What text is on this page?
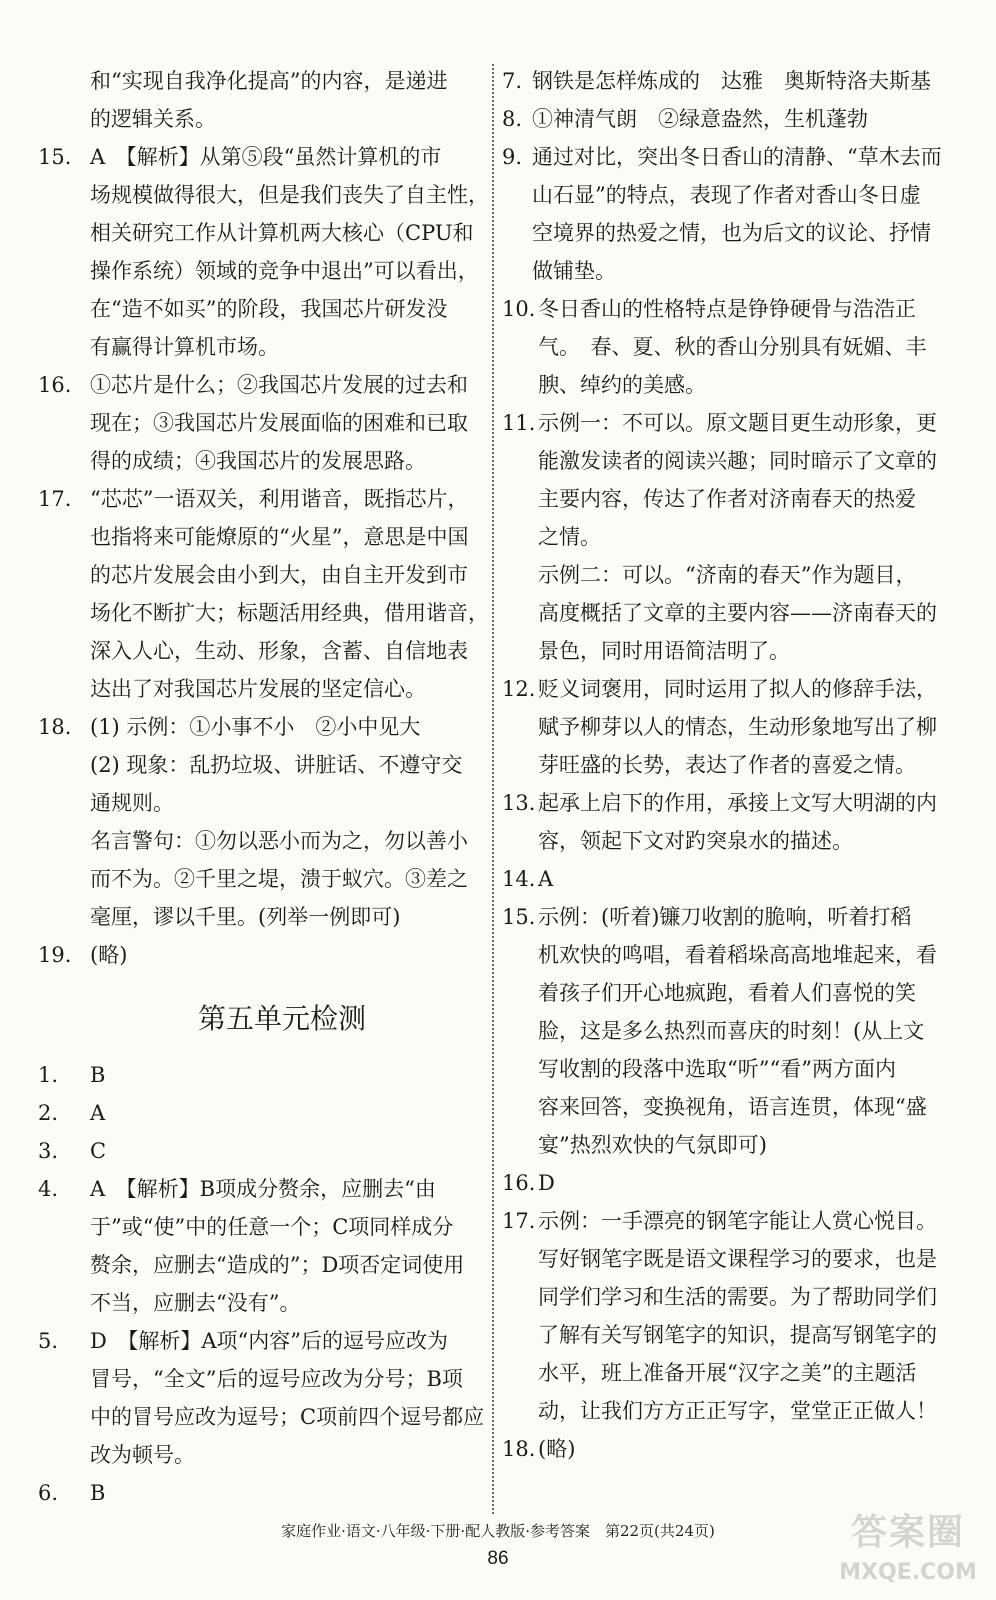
和“实现自我净化提高”的内容，是递进
的逻辑关系。
15. A　【解析】从第⑤段“虽然计算机的市
场规模做得很大，但是我们丧失了自主性，
相关研究工作从计算机两大核心（CPU和
操作系统）领域的竞争中退出”可以看出，
在“造不如买”的阶段，我国芯片研发没
有赢得计算机市场。
16. ①芯片是什么；②我国芯片发展的过去和
现在；③我国芯片发展面临的困难和已取
得的成绩；④我国芯片的发展思路。
17. “芯芯”一语双关，利用谐音，既指芯片，
也指将来可能燎原的“火星”，意思是中国
的芯片发展会由小到大，由自主开发到市
场化不断扩大；标题活用经典，借用谐音，
深入人心，生动、形象，含蓄、自信地表
达出了对我国芯片发展的坚定信心。
18. (1) 示例：①小事不小　②小中见大
(2) 现象：乱扔垃圾、讲脏话、不遵守交
通规则。
名言警句：①勿以恶小而为之，勿以善小
而不为。②千里之堤，溃于蚁穴。③差之
毫厘，谬以千里。(列举一例即可)
19. (略)
第五单元检测
1.	B
2.	A
3.	C
4.	A　【解析】B项成分赘余，应删去“由
于”或“使”中的任意一个；C项同样成分
赘余，应删去“造成的”；D项否定词使用
不当，应删去“没有”。
5.	D　【解析】A项“内容”后的逗号应改为
冒号，“全文”后的逗号应改为分号；B项
中的冒号应改为逗号；C项前四个逗号都应
改为顿号。
6.	B
7. 钢铁是怎样炼成的　达雅　奥斯特洛夫斯基
8. ①神清气朗　②绿意盎然，生机蓬勃
9. 通过对比，突出冬日香山的清静、“草木去而
山石显”的特点，表现了作者对香山冬日虚
空境界的热爱之情，也为后文的议论、抒情
做铺垫。
10. 冬日香山的性格特点是铮铮硬骨与浩浩正
气。　春、夏、秋的香山分别具有妩媚、丰
腴、绰约的美感。
11. 示例一：不可以。原文题目更生动形象，更
能激发读者的阅读兴趣；同时暗示了文章的
主要内容，传达了作者对济南春天的热爱
之情。
示例二：可以。“济南的春天”作为题目，
高度概括了文章的主要内容——济南春天的
景色，同时用语简洁明了。
12. 贬义词褒用，同时运用了拟人的修辞手法，
赋予柳芽以人的情态，生动形象地写出了柳
芽旺盛的长势，表达了作者的喜爱之情。
13. 起承上启下的作用，承接上文写大明湖的内
容，领起下文对趵突泉水的描述。
14. A
15. 示例：(听着)镰刀收割的脆响，听着打稻
机欢快的鸣唱，看着稻垛高高地堆起来，看
着孩子们开心地疯跑，看着人们喜悦的笑
脸，这是多么热烈而喜庆的时刻！(从上文
写收割的段落中选取“听”“看”两方面内
容来回答，变换视角，语言连贯，体现“盛
宴”热烈欢快的气氛即可)
16. D
17. 示例：一手漂亮的钢笔字能让人赏心悦目。
写好钢笔字既是语文课程学习的要求，也是
同学们学习和生活的需要。为了帮助同学们
了解有关写钢笔字的知识，提高写钢笔字的
水平，班上准备开展“汉字之美”的主题活
动，让我们方方正正写字，堂堂正正做人！
18. (略)
家庭作业·语文·八年级·下册·配人教版·参考答案　第22页(共24页)
86
答案圈
MXQE.COM
